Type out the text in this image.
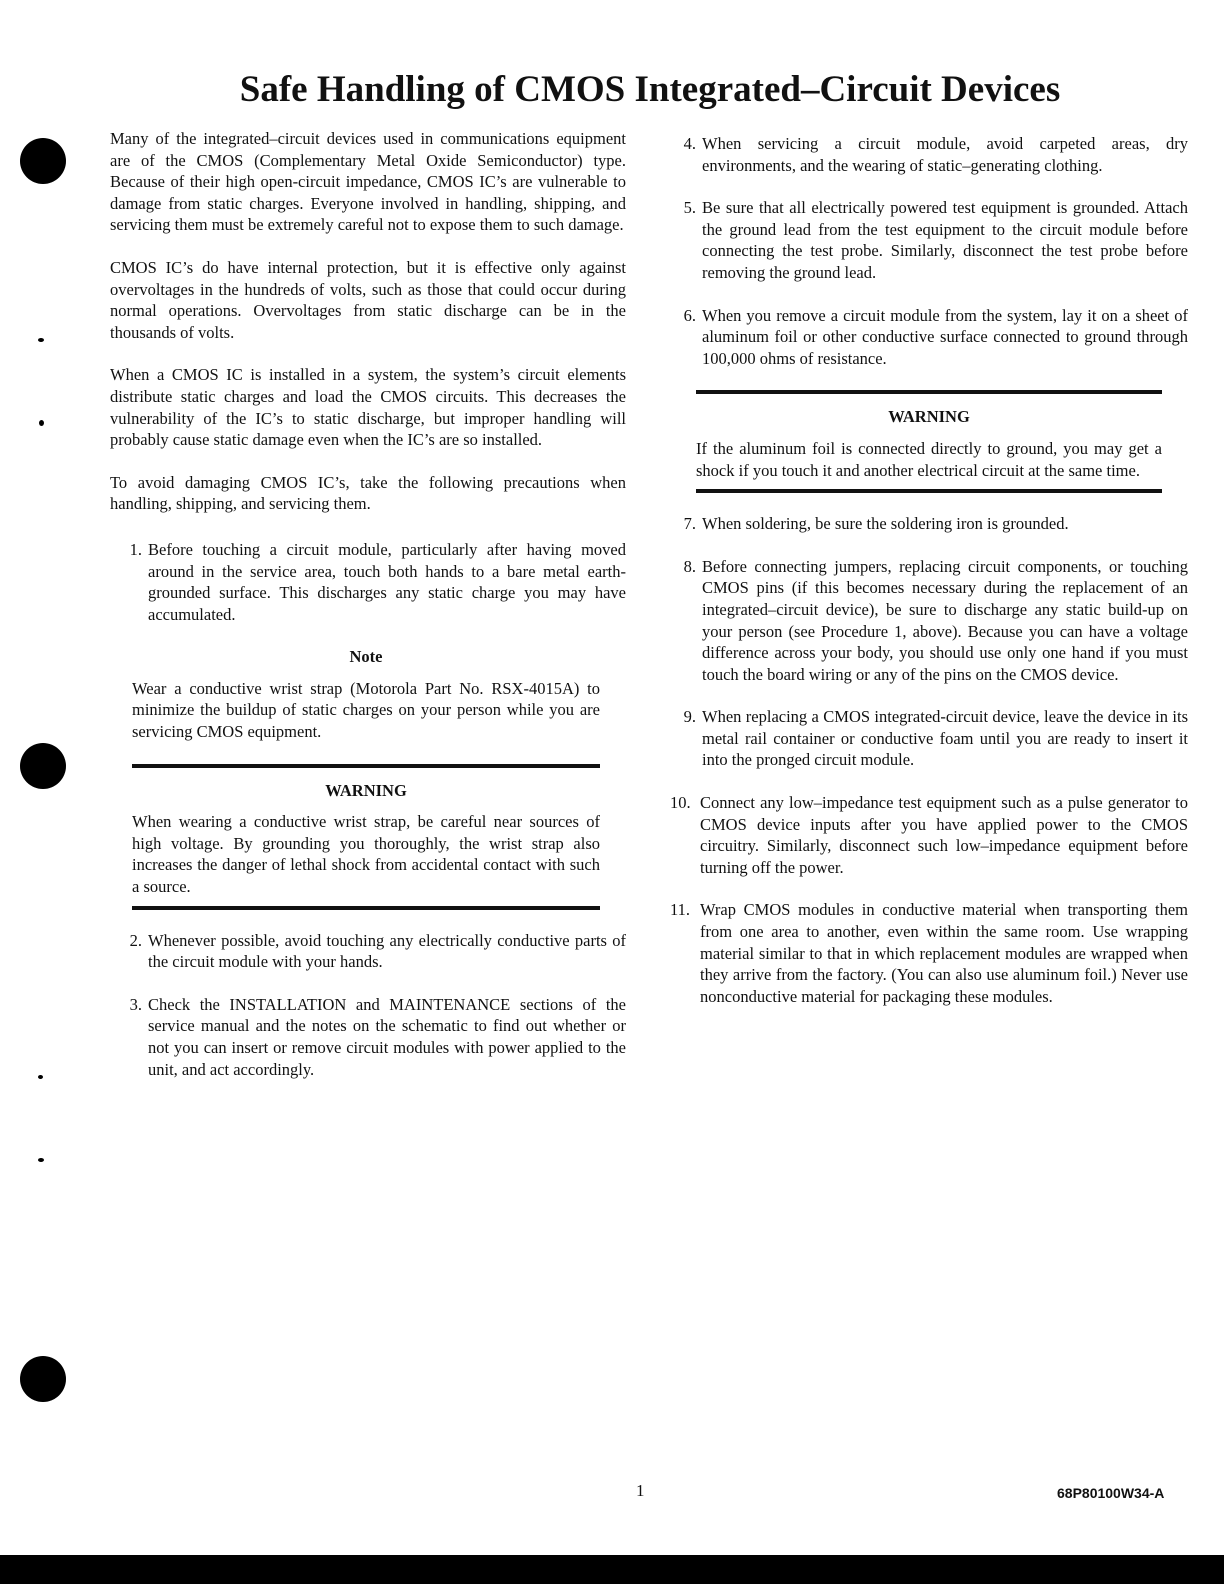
Safe Handling of CMOS Integrated–Circuit Devices

Many of the integrated–circuit devices used in communications equipment are of the CMOS (Complementary Metal Oxide Semiconductor) type. Because of their high open-circuit impedance, CMOS IC’s are vulnerable to damage from static charges. Everyone involved in handling, shipping, and servicing them must be extremely careful not to expose them to such damage.

CMOS IC’s do have internal protection, but it is effective only against overvoltages in the hundreds of volts, such as those that could occur during normal operations. Overvoltages from static discharge can be in the thousands of volts.

When a CMOS IC is installed in a system, the system’s circuit elements distribute static charges and load the CMOS circuits. This decreases the vulnerability of the IC’s to static discharge, but improper handling will probably cause static damage even when the IC’s are so installed.

To avoid damaging CMOS IC’s, take the following precautions when handling, shipping, and servicing them.

1. Before touching a circuit module, particularly after having moved around in the service area, touch both hands to a bare metal earth-grounded surface. This discharges any static charge you may have accumulated.
Note
Wear a conductive wrist strap (Motorola Part No. RSX-4015A) to minimize the buildup of static charges on your person while you are servicing CMOS equipment.
WARNING
When wearing a conductive wrist strap, be careful near sources of high voltage. By grounding you thoroughly, the wrist strap also increases the danger of lethal shock from accidental contact with such a source.
2. Whenever possible, avoid touching any electrically conductive parts of the circuit module with your hands.
3. Check the INSTALLATION and MAINTENANCE sections of the service manual and the notes on the schematic to find out whether or not you can insert or remove circuit modules with power applied to the unit, and act accordingly.
4. When servicing a circuit module, avoid carpeted areas, dry environments, and the wearing of static–generating clothing.
5. Be sure that all electrically powered test equipment is grounded. Attach the ground lead from the test equipment to the circuit module before connecting the test probe. Similarly, disconnect the test probe before removing the ground lead.
6. When you remove a circuit module from the system, lay it on a sheet of aluminum foil or other conductive surface connected to ground through 100,000 ohms of resistance.
WARNING
If the aluminum foil is connected directly to ground, you may get a shock if you touch it and another electrical circuit at the same time.
7. When soldering, be sure the soldering iron is grounded.
8. Before connecting jumpers, replacing circuit components, or touching CMOS pins (if this becomes necessary during the replacement of an integrated–circuit device), be sure to discharge any static build-up on your person (see Procedure 1, above). Because you can have a voltage difference across your body, you should use only one hand if you must touch the board wiring or any of the pins on the CMOS device.
9. When replacing a CMOS integrated-circuit device, leave the device in its metal rail container or conductive foam until you are ready to insert it into the pronged circuit module.
10. Connect any low–impedance test equipment such as a pulse generator to CMOS device inputs after you have applied power to the CMOS circuitry. Similarly, disconnect such low–impedance equipment before turning off the power.
11. Wrap CMOS modules in conductive material when transporting them from one area to another, even within the same room. Use wrapping material similar to that in which replacement modules are wrapped when they arrive from the factory. (You can also use aluminum foil.) Never use nonconductive material for packaging these modules.
1	68P80100W34-A
